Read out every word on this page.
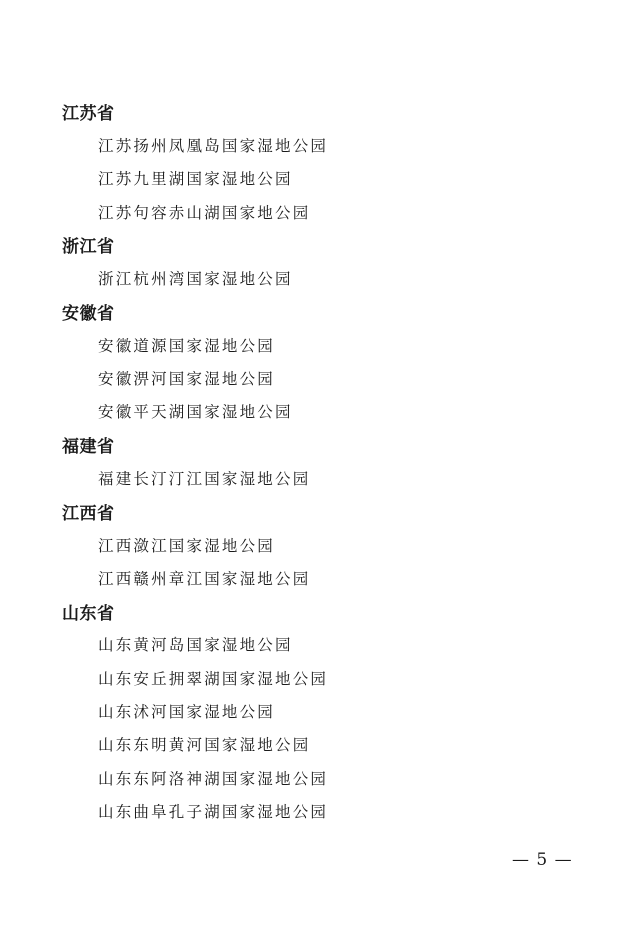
江苏省
江苏扬州凤凰岛国家湿地公园
江苏九里湖国家湿地公园
江苏句容赤山湖国家地公园
浙江省
浙江杭州湾国家湿地公园
安徽省
安徽道源国家湿地公园
安徽淠河国家湿地公园
安徽平天湖国家湿地公园
福建省
福建长汀汀江国家湿地公园
江西省
江西潋江国家湿地公园
江西赣州章江国家湿地公园
山东省
山东黄河岛国家湿地公园
山东安丘拥翠湖国家湿地公园
山东沭河国家湿地公园
山东东明黄河国家湿地公园
山东东阿洛神湖国家湿地公园
山东曲阜孔子湖国家湿地公园
— 5 —
